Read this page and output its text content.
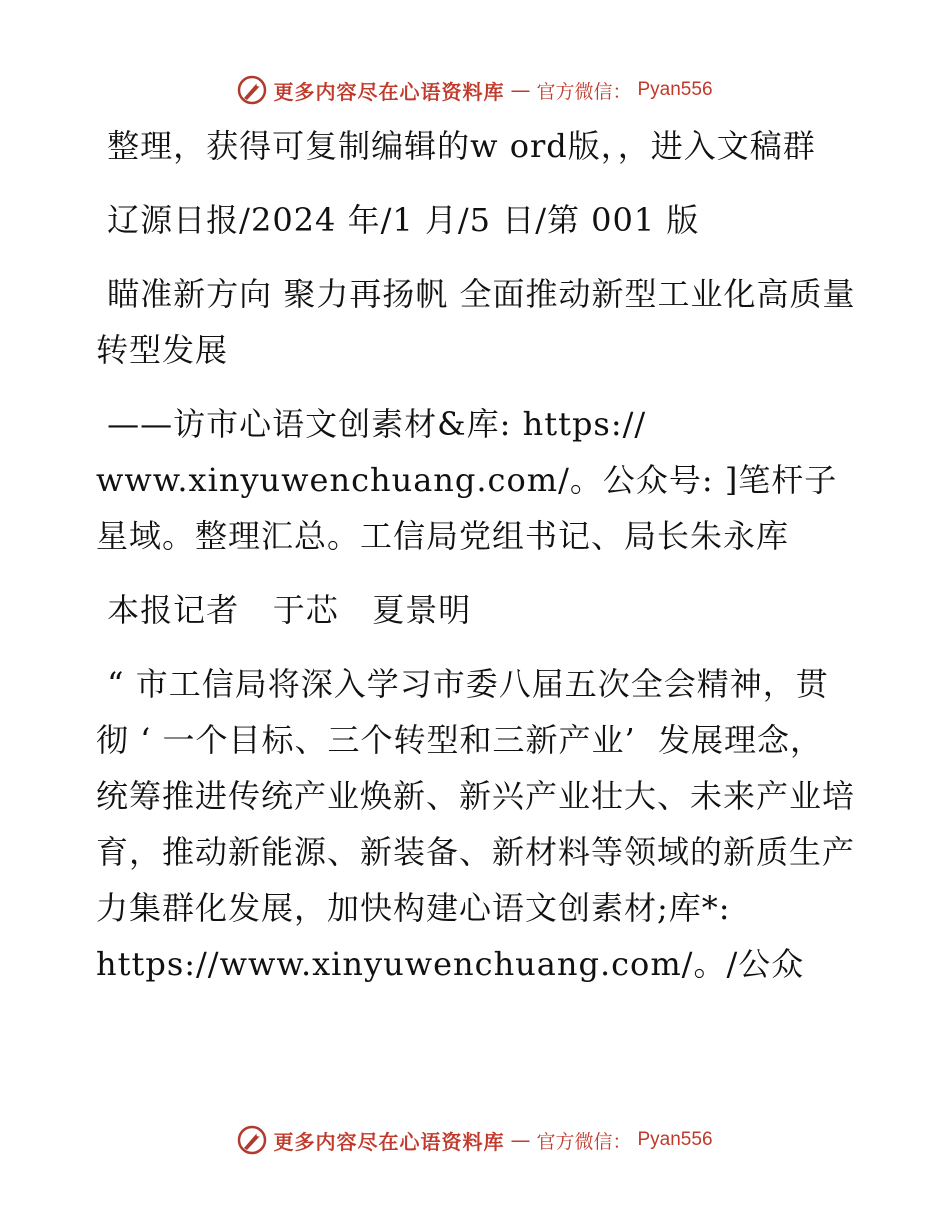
更多内容尽在心语资料库 — 官方微信： Pyan556

整理，获得可复制编辑的w ord版，，进入文稿群

辽源日报/2024 年/1 月/5 日/第 001 版

瞄准新方向 聚力再扬帆 全面推动新型工业化高质量转型发展

——访市心语文创素材&库: https://
www.xinyuwenchuang.com/。公众号: ]笔杆子星域。整理汇总。工信局党组书记、局长朱永库

本报记者   于芯   夏景明

“ 市工信局将深入学习市委八届五次全会精神，贯彻 ‘ 一个目标、三个转型和三新产业’  发展理念，统筹推进传统产业焕新、新兴产业壮大、未来产业培育，推动新能源、新装备、新材料等领域的新质生产力集群化发展，加快构建心语文创素材;库*: https://www.xinyuwenchuang.com/。/公众

更多内容尽在心语资料库 — 官方微信： Pyan556
